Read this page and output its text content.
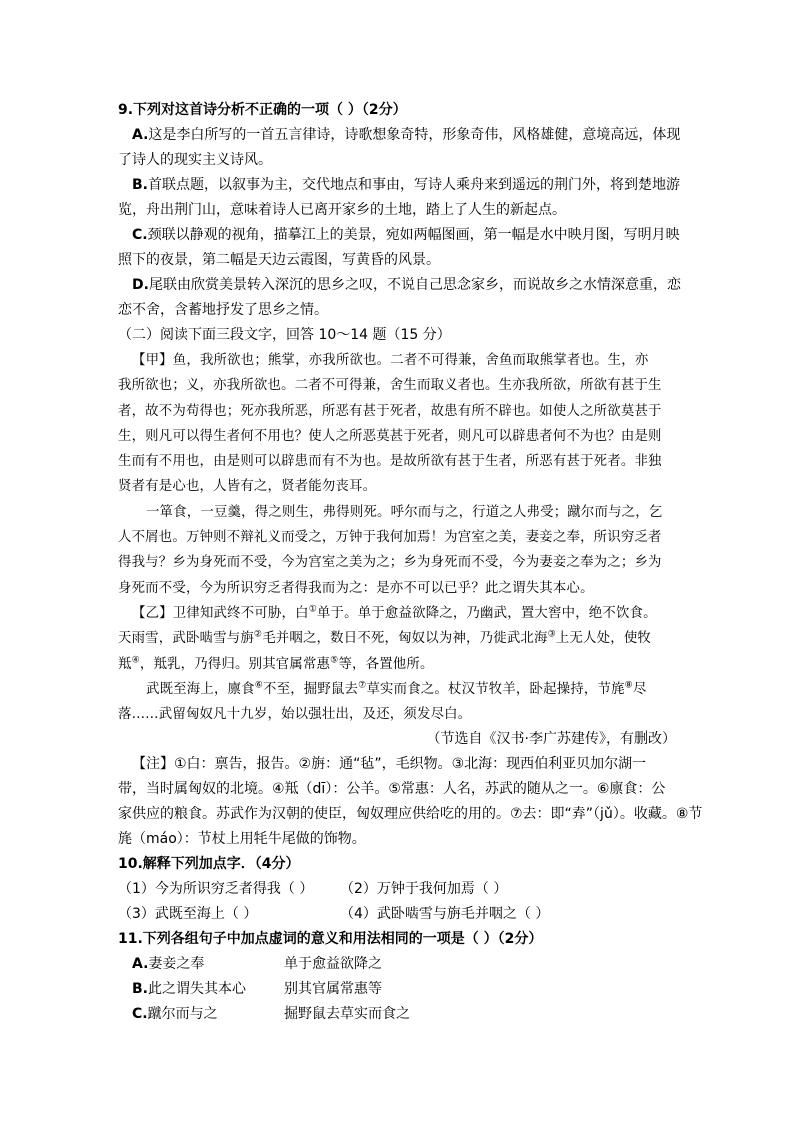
9.下列对这首诗分析不正确的一项（ ）（2分）
A.这是李白所写的一首五言律诗，诗歌想象奇特，形象奇伟，风格雄健，意境高远，体现
了诗人的现实主义诗风。
B.首联点题，以叙事为主，交代地点和事由，写诗人乘舟来到遥远的荆门外，将到楚地游
览，舟出荆门山，意味着诗人已离开家乡的土地，踏上了人生的新起点。
C.颈联以静观的视角，描摹江上的美景，宛如两幅图画，第一幅是水中映月图，写明月映
照下的夜景，第二幅是天边云霞图，写黄昏的风景。
D.尾联由欣赏美景转入深沉的思乡之叹，不说自己思念家乡，而说故乡之水情深意重，恋
恋不舍，含蓄地抒发了思乡之情。
（二）阅读下面三段文字，回答 10～14 题（15 分）
【甲】鱼，我所欲也；熊掌，亦我所欲也。二者不可得兼，舍鱼而取熊掌者也。生，亦
我所欲也；义，亦我所欲也。二者不可得兼，舍生而取义者也。生亦我所欲，所欲有甚于生
者，故不为苟得也；死亦我所恶，所恶有甚于死者，故患有所不辟也。如使人之所欲莫甚于
生，则凡可以得生者何不用也？使人之所恶莫甚于死者，则凡可以辟患者何不为也？由是则
生而有不用也，由是则可以辟患而有不为也。是故所欲有甚于生者，所恶有甚于死者。非独
贤者有是心也，人皆有之，贤者能勿丧耳。
一箪食，一豆羹，得之则生，弗得则死。呼尔而与之，行道之人弗受；蹴尔而与之，乞
人不屑也。万钟则不辩礼义而受之，万钟于我何加焉！为宫室之美，妻妾之奉，所识穷乏者
得我与？乡为身死而不受，今为宫室之美为之；乡为身死而不受，今为妻妾之奉为之；乡为
身死而不受，今为所识穷乏者得我而为之：是亦不可以已乎？此之谓失其本心。
【乙】卫律知武终不可胁，白①单于。单于愈益欲降之，乃幽武，置大窖中，绝不饮食。
天雨雪，武卧啮雪与旃②毛并咽之，数日不死，匈奴以为神，乃徙武北海③上无人处，使牧
羝④，羝乳，乃得归。别其官属常惠⑤等，各置他所。
武既至海上，廪食⑥不至，掘野鼠去⑦草实而食之。杖汉节牧羊，卧起操持，节旄⑧尽
落……武留匈奴凡十九岁，始以强壮出，及还，须发尽白。
（节选自《汉书·李广苏建传》，有删改）
【注】①白：禀告，报告。②旃：通“毡”，毛织物。③北海：现西伯利亚贝加尔湖一
带，当时属匈奴的北境。④羝（dī）：公羊。⑤常惠：人名，苏武的随从之一。⑥廪食：公
家供应的粮食。苏武作为汉朝的使臣，匈奴理应供给吃的用的。⑦去：即“弆”（jǔ）。收藏。⑧节
旄（máo）：节杖上用牦牛尾做的饰物。
10.解释下列加点字．（4分）
（1）今为所识穷乏者得我（ ）	（2）万钟于我何加焉（ ）
（3）武既至海上（ ）	（4）武卧啮雪与旃毛并咽之（ ）
11.下列各组句子中加点虚词的意义和用法相同的一项是（ ）（2分）
A.妻妾之奉	单于愈益欲降之
B.此之谓失其本心	别其官属常惠等
C.蹴尔而与之	掘野鼠去草实而食之
